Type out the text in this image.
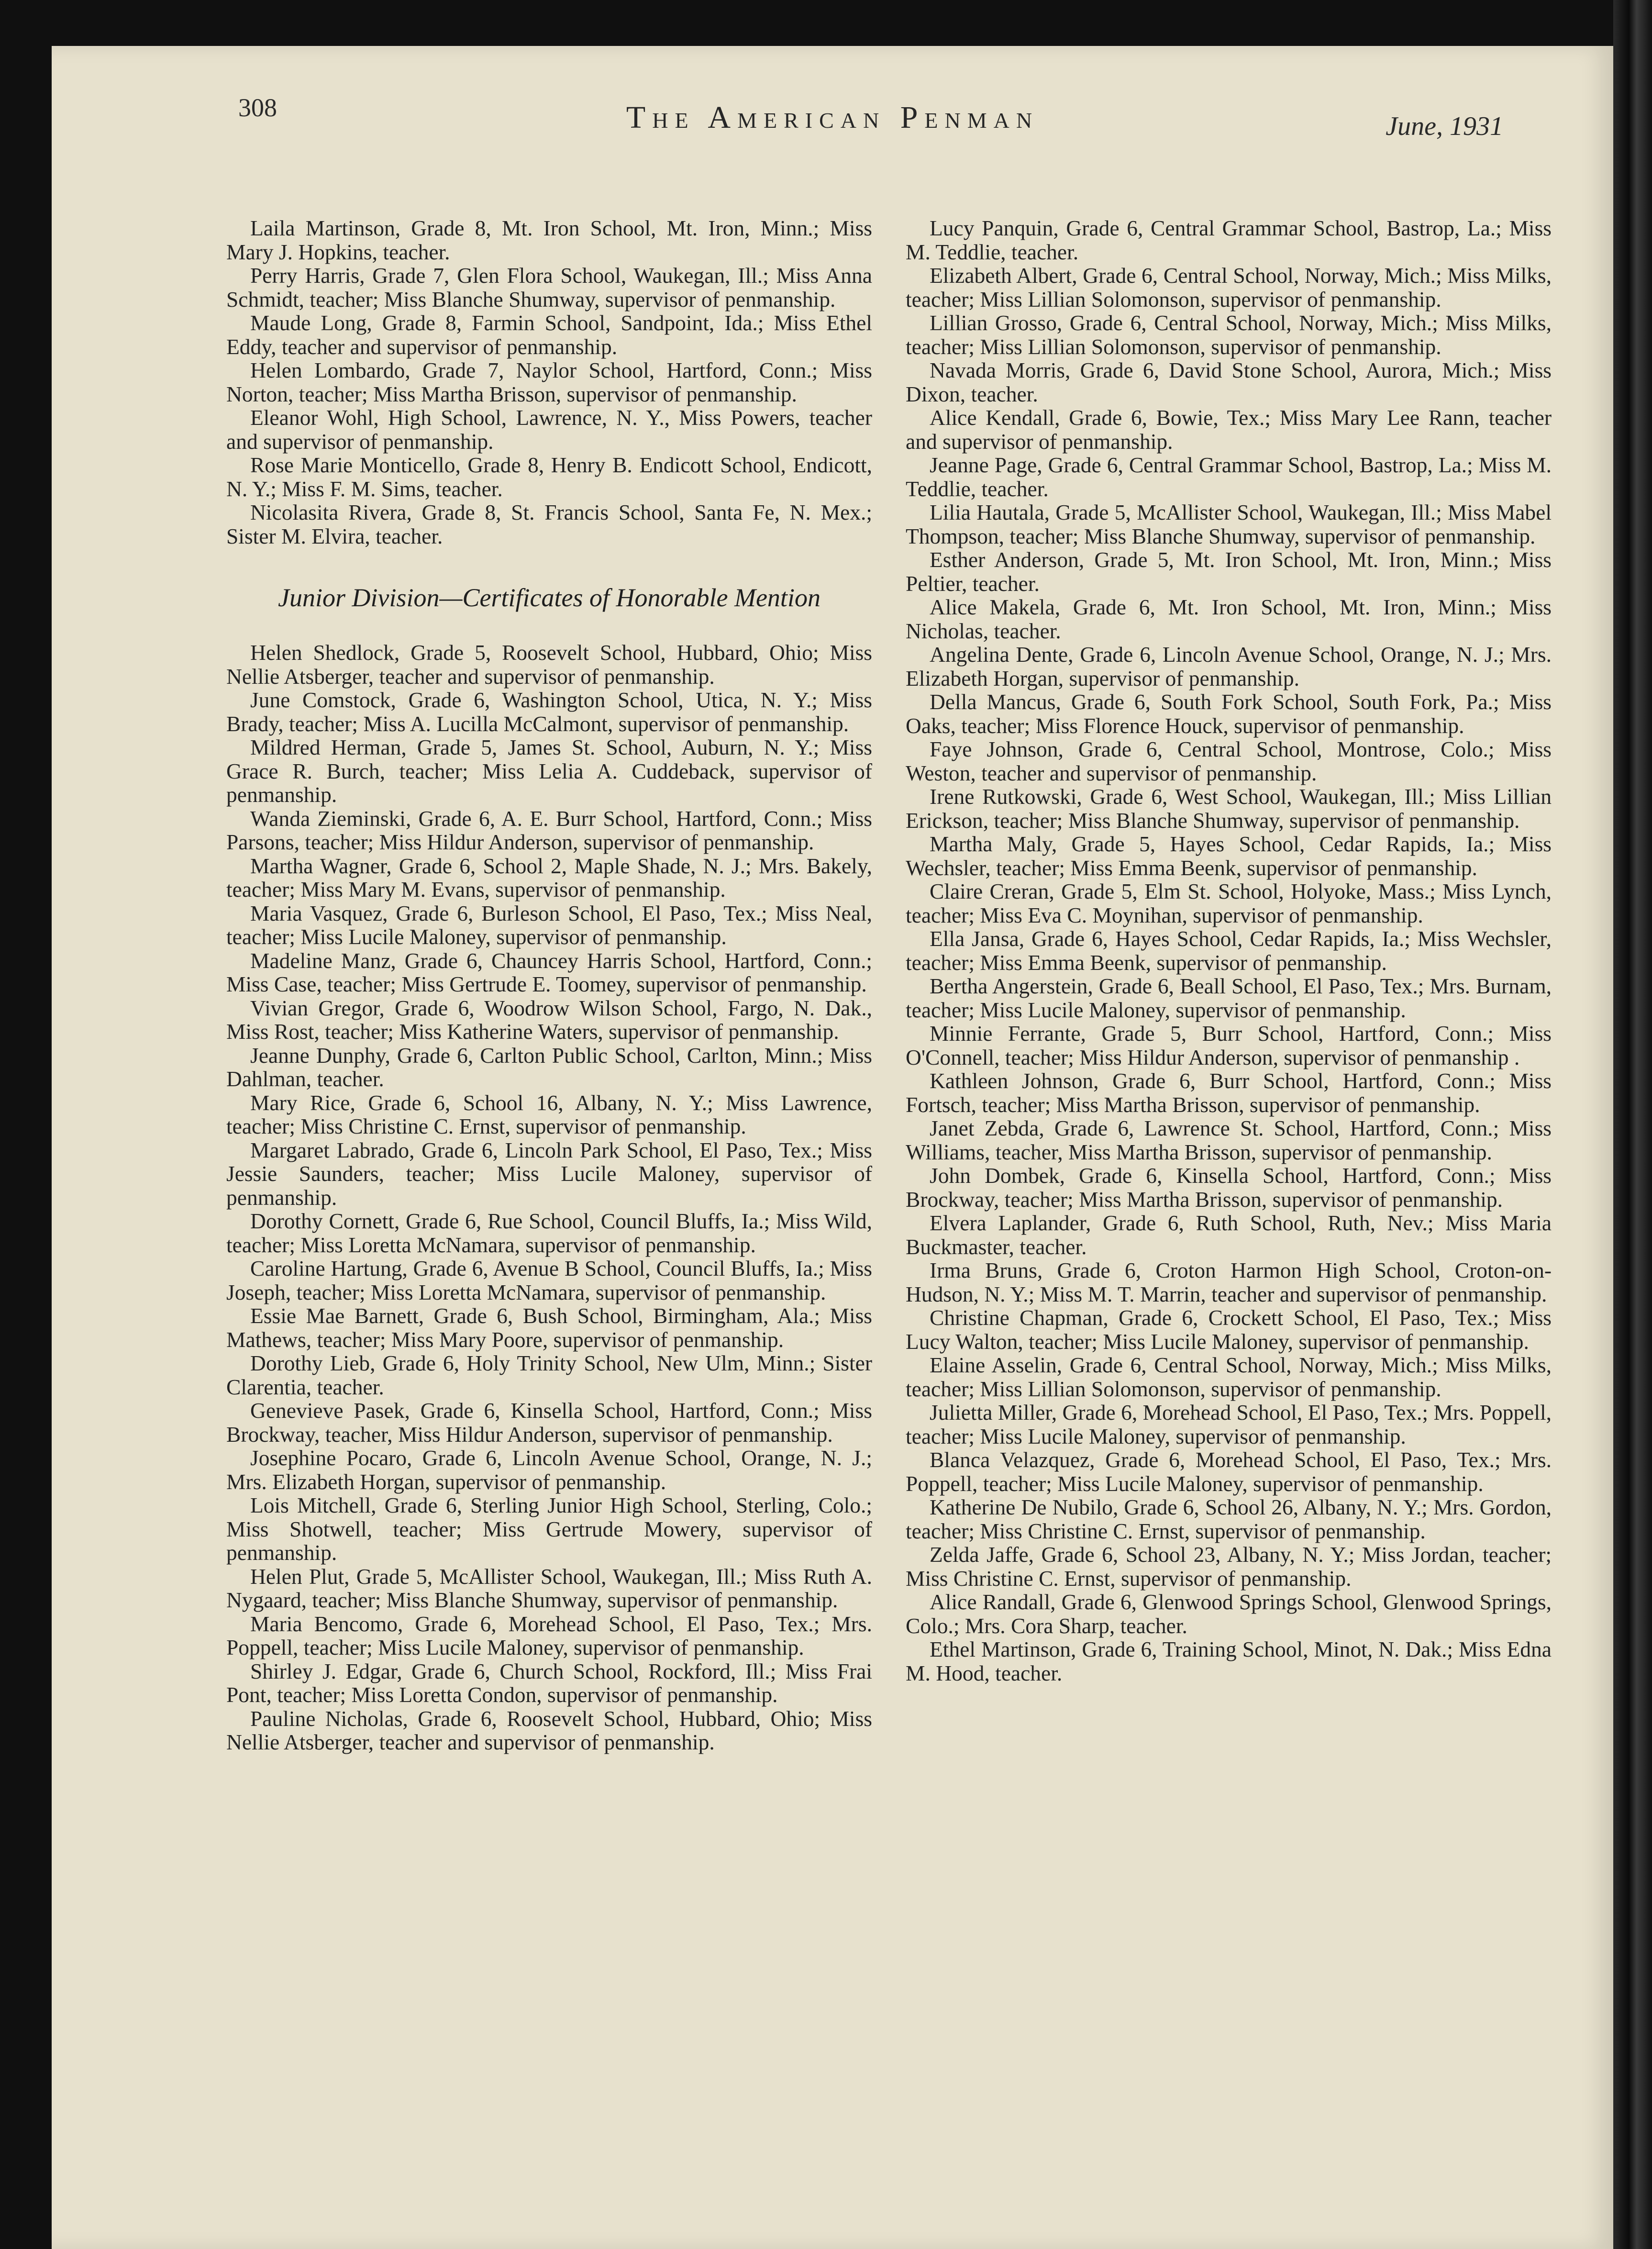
308	The American Penman	June, 1931

Laila Martinson, Grade 8, Mt. Iron School, Mt. Iron, Minn.; Miss Mary J. Hopkins, teacher.

Perry Harris, Grade 7, Glen Flora School, Waukegan, Ill.; Miss Anna Schmidt, teacher; Miss Blanche Shumway, supervisor of penmanship.

Maude Long, Grade 8, Farmin School, Sandpoint, Ida.; Miss Ethel Eddy, teacher and supervisor of penmanship.

Helen Lombardo, Grade 7, Naylor School, Hartford, Conn.; Miss Norton, teacher; Miss Martha Brisson, supervisor of penmanship.

Eleanor Wohl, High School, Lawrence, N. Y., Miss Powers, teacher and supervisor of penmanship.

Rose Marie Monticello, Grade 8, Henry B. Endicott School, Endicott, N. Y.; Miss F. M. Sims, teacher.

Nicolasita Rivera, Grade 8, St. Francis School, Santa Fe, N. Mex.; Sister M. Elvira, teacher.

Junior Division—Certificates of Honorable Mention

Helen Shedlock, Grade 5, Roosevelt School, Hubbard, Ohio; Miss Nellie Atsberger, teacher and supervisor of penmanship.

June Comstock, Grade 6, Washington School, Utica, N. Y.; Miss Brady, teacher; Miss A. Lucilla McCalmont, supervisor of penmanship.

Mildred Herman, Grade 5, James St. School, Auburn, N. Y.; Miss Grace R. Burch, teacher; Miss Lelia A. Cuddeback, supervisor of penmanship.

Wanda Zieminski, Grade 6, A. E. Burr School, Hartford, Conn.; Miss Parsons, teacher; Miss Hildur Anderson, supervisor of penmanship.

Martha Wagner, Grade 6, School 2, Maple Shade, N. J.; Mrs. Bakely, teacher; Miss Mary M. Evans, supervisor of penmanship.

Maria Vasquez, Grade 6, Burleson School, El Paso, Tex.; Miss Neal, teacher; Miss Lucile Maloney, supervisor of penmanship.

Madeline Manz, Grade 6, Chauncey Harris School, Hartford, Conn.; Miss Case, teacher; Miss Gertrude E. Toomey, supervisor of penmanship.

Vivian Gregor, Grade 6, Woodrow Wilson School, Fargo, N. Dak., Miss Rost, teacher; Miss Katherine Waters, supervisor of penmanship.

Jeanne Dunphy, Grade 6, Carlton Public School, Carlton, Minn.; Miss Dahlman, teacher.

Mary Rice, Grade 6, School 16, Albany, N. Y.; Miss Lawrence, teacher; Miss Christine C. Ernst, supervisor of penmanship.

Margaret Labrado, Grade 6, Lincoln Park School, El Paso, Tex.; Miss Jessie Saunders, teacher; Miss Lucile Maloney, supervisor of penmanship.

Dorothy Cornett, Grade 6, Rue School, Council Bluffs, Ia.; Miss Wild, teacher; Miss Loretta McNamara, supervisor of penmanship.

Caroline Hartung, Grade 6, Avenue B School, Council Bluffs, Ia.; Miss Joseph, teacher; Miss Loretta McNamara, supervisor of penmanship.

Essie Mae Barnett, Grade 6, Bush School, Birmingham, Ala.; Miss Mathews, teacher; Miss Mary Poore, supervisor of penmanship.

Dorothy Lieb, Grade 6, Holy Trinity School, New Ulm, Minn.; Sister Clarentia, teacher.

Genevieve Pasek, Grade 6, Kinsella School, Hartford, Conn.; Miss Brockway, teacher, Miss Hildur Anderson, supervisor of penmanship.

Josephine Pocaro, Grade 6, Lincoln Avenue School, Orange, N. J.; Mrs. Elizabeth Horgan, supervisor of penmanship.

Lois Mitchell, Grade 6, Sterling Junior High School, Sterling, Colo.; Miss Shotwell, teacher; Miss Gertrude Mowery, supervisor of penmanship.

Helen Plut, Grade 5, McAllister School, Waukegan, Ill.; Miss Ruth A. Nygaard, teacher; Miss Blanche Shumway, supervisor of penmanship.

Maria Bencomo, Grade 6, Morehead School, El Paso, Tex.; Mrs. Poppell, teacher; Miss Lucile Maloney, supervisor of penmanship.

Shirley J. Edgar, Grade 6, Church School, Rockford, Ill.; Miss Frai Pont, teacher; Miss Loretta Condon, supervisor of penmanship.

Pauline Nicholas, Grade 6, Roosevelt School, Hubbard, Ohio; Miss Nellie Atsberger, teacher and supervisor of penmanship.

Lucy Panquin, Grade 6, Central Grammar School, Bastrop, La.; Miss M. Teddlie, teacher.

Elizabeth Albert, Grade 6, Central School, Norway, Mich.; Miss Milks, teacher; Miss Lillian Solomonson, supervisor of penmanship.

Lillian Grosso, Grade 6, Central School, Norway, Mich.; Miss Milks, teacher; Miss Lillian Solomonson, supervisor of penmanship.

Navada Morris, Grade 6, David Stone School, Aurora, Mich.; Miss Dixon, teacher.

Alice Kendall, Grade 6, Bowie, Tex.; Miss Mary Lee Rann, teacher and supervisor of penmanship.

Jeanne Page, Grade 6, Central Grammar School, Bastrop, La.; Miss M. Teddlie, teacher.

Lilia Hautala, Grade 5, McAllister School, Waukegan, Ill.; Miss Mabel Thompson, teacher; Miss Blanche Shumway, supervisor of penmanship.

Esther Anderson, Grade 5, Mt. Iron School, Mt. Iron, Minn.; Miss Peltier, teacher.

Alice Makela, Grade 6, Mt. Iron School, Mt. Iron, Minn.; Miss Nicholas, teacher.

Angelina Dente, Grade 6, Lincoln Avenue School, Orange, N. J.; Mrs. Elizabeth Horgan, supervisor of penmanship.

Della Mancus, Grade 6, South Fork School, South Fork, Pa.; Miss Oaks, teacher; Miss Florence Houck, supervisor of penmanship.

Faye Johnson, Grade 6, Central School, Montrose, Colo.; Miss Weston, teacher and supervisor of penmanship.

Irene Rutkowski, Grade 6, West School, Waukegan, Ill.; Miss Lillian Erickson, teacher; Miss Blanche Shumway, supervisor of penmanship.

Martha Maly, Grade 5, Hayes School, Cedar Rapids, Ia.; Miss Wechsler, teacher; Miss Emma Beenk, supervisor of penmanship.

Claire Creran, Grade 5, Elm St. School, Holyoke, Mass.; Miss Lynch, teacher; Miss Eva C. Moynihan, supervisor of penmanship.

Ella Jansa, Grade 6, Hayes School, Cedar Rapids, Ia.; Miss Wechsler, teacher; Miss Emma Beenk, supervisor of penmanship.

Bertha Angerstein, Grade 6, Beall School, El Paso, Tex.; Mrs. Burnam, teacher; Miss Lucile Maloney, supervisor of penmanship.

Minnie Ferrante, Grade 5, Burr School, Hartford, Conn.; Miss O'Connell, teacher; Miss Hildur Anderson, supervisor of penmanship .

Kathleen Johnson, Grade 6, Burr School, Hartford, Conn.; Miss Fortsch, teacher; Miss Martha Brisson, supervisor of penmanship.

Janet Zebda, Grade 6, Lawrence St. School, Hartford, Conn.; Miss Williams, teacher, Miss Martha Brisson, supervisor of penmanship.

John Dombek, Grade 6, Kinsella School, Hartford, Conn.; Miss Brockway, teacher; Miss Martha Brisson, supervisor of penmanship.

Elvera Laplander, Grade 6, Ruth School, Ruth, Nev.; Miss Maria Buckmaster, teacher.

Irma Bruns, Grade 6, Croton Harmon High School, Croton-on-Hudson, N. Y.; Miss M. T. Marrin, teacher and supervisor of penmanship.

Christine Chapman, Grade 6, Crockett School, El Paso, Tex.; Miss Lucy Walton, teacher; Miss Lucile Maloney, supervisor of penmanship.

Elaine Asselin, Grade 6, Central School, Norway, Mich.; Miss Milks, teacher; Miss Lillian Solomonson, supervisor of penmanship.

Julietta Miller, Grade 6, Morehead School, El Paso, Tex.; Mrs. Poppell, teacher; Miss Lucile Maloney, supervisor of penmanship.

Blanca Velazquez, Grade 6, Morehead School, El Paso, Tex.; Mrs. Poppell, teacher; Miss Lucile Maloney, supervisor of penmanship.

Katherine De Nubilo, Grade 6, School 26, Albany, N. Y.; Mrs. Gordon, teacher; Miss Christine C. Ernst, supervisor of penmanship.

Zelda Jaffe, Grade 6, School 23, Albany, N. Y.; Miss Jordan, teacher; Miss Christine C. Ernst, supervisor of penmanship.

Alice Randall, Grade 6, Glenwood Springs School, Glenwood Springs, Colo.; Mrs. Cora Sharp, teacher.

Ethel Martinson, Grade 6, Training School, Minot, N. Dak.; Miss Edna M. Hood, teacher.
